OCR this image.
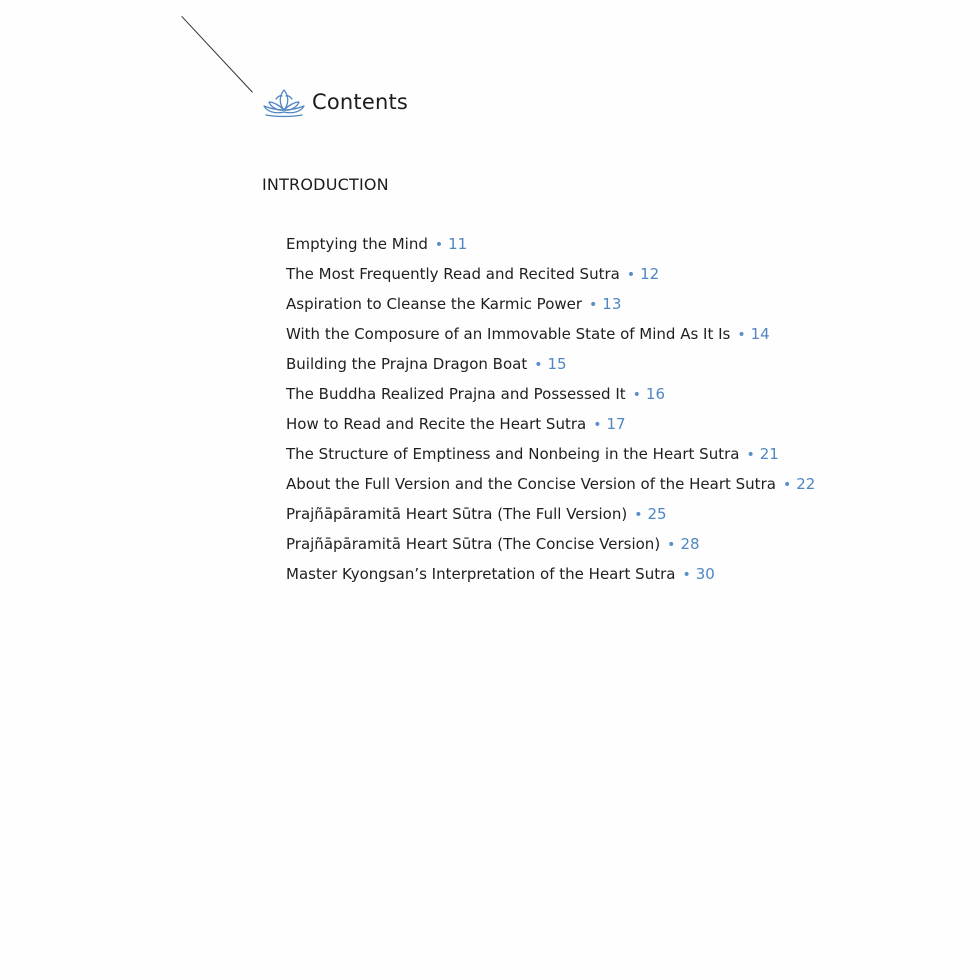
Contents
INTRODUCTION
Emptying the Mind • 11
The Most Frequently Read and Recited Sutra • 12
Aspiration to Cleanse the Karmic Power • 13
With the Composure of an Immovable State of Mind As It Is • 14
Building the Prajna Dragon Boat • 15
The Buddha Realized Prajna and Possessed It • 16
How to Read and Recite the Heart Sutra • 17
The Structure of Emptiness and Nonbeing in the Heart Sutra • 21
About the Full Version and the Concise Version of the Heart Sutra • 22
Prajñāpāramitā Heart Sūtra (The Full Version) • 25
Prajñāpāramitā Heart Sūtra (The Concise Version) • 28
Master Kyongsan’s Interpretation of the Heart Sutra • 30
